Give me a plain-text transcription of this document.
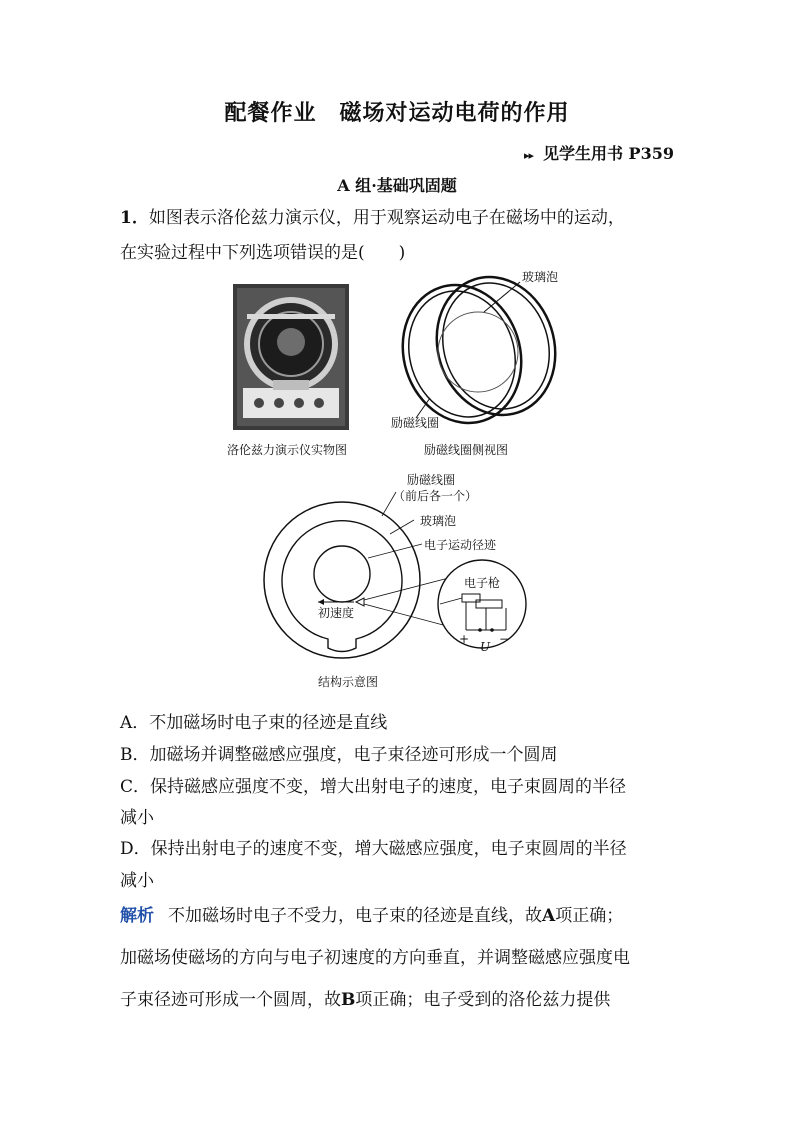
配餐作业　磁场对运动电荷的作用
▸▸ 见学生用书 P359
A 组·基础巩固题
1．如图表示洛伦兹力演示仪，用于观察运动电子在磁场中的运动，
在实验过程中下列选项错误的是(　　)
洛伦兹力演示仪实物图
玻璃泡
励磁线圈
励磁线圈侧视图
励磁线圈
（前后各一个）
玻璃泡
电子运动径迹
电子枪
初速度
+ −
U
结构示意图
A．不加磁场时电子束的径迹是直线
B．加磁场并调整磁感应强度，电子束径迹可形成一个圆周
C．保持磁感应强度不变，增大出射电子的速度，电子束圆周的半径
减小
D．保持出射电子的速度不变，增大磁感应强度，电子束圆周的半径
减小
解析 不加磁场时电子不受力，电子束的径迹是直线，故A项正确；
加磁场使磁场的方向与电子初速度的方向垂直，并调整磁感应强度电
子束径迹可形成一个圆周，故B项正确；电子受到的洛伦兹力提供
